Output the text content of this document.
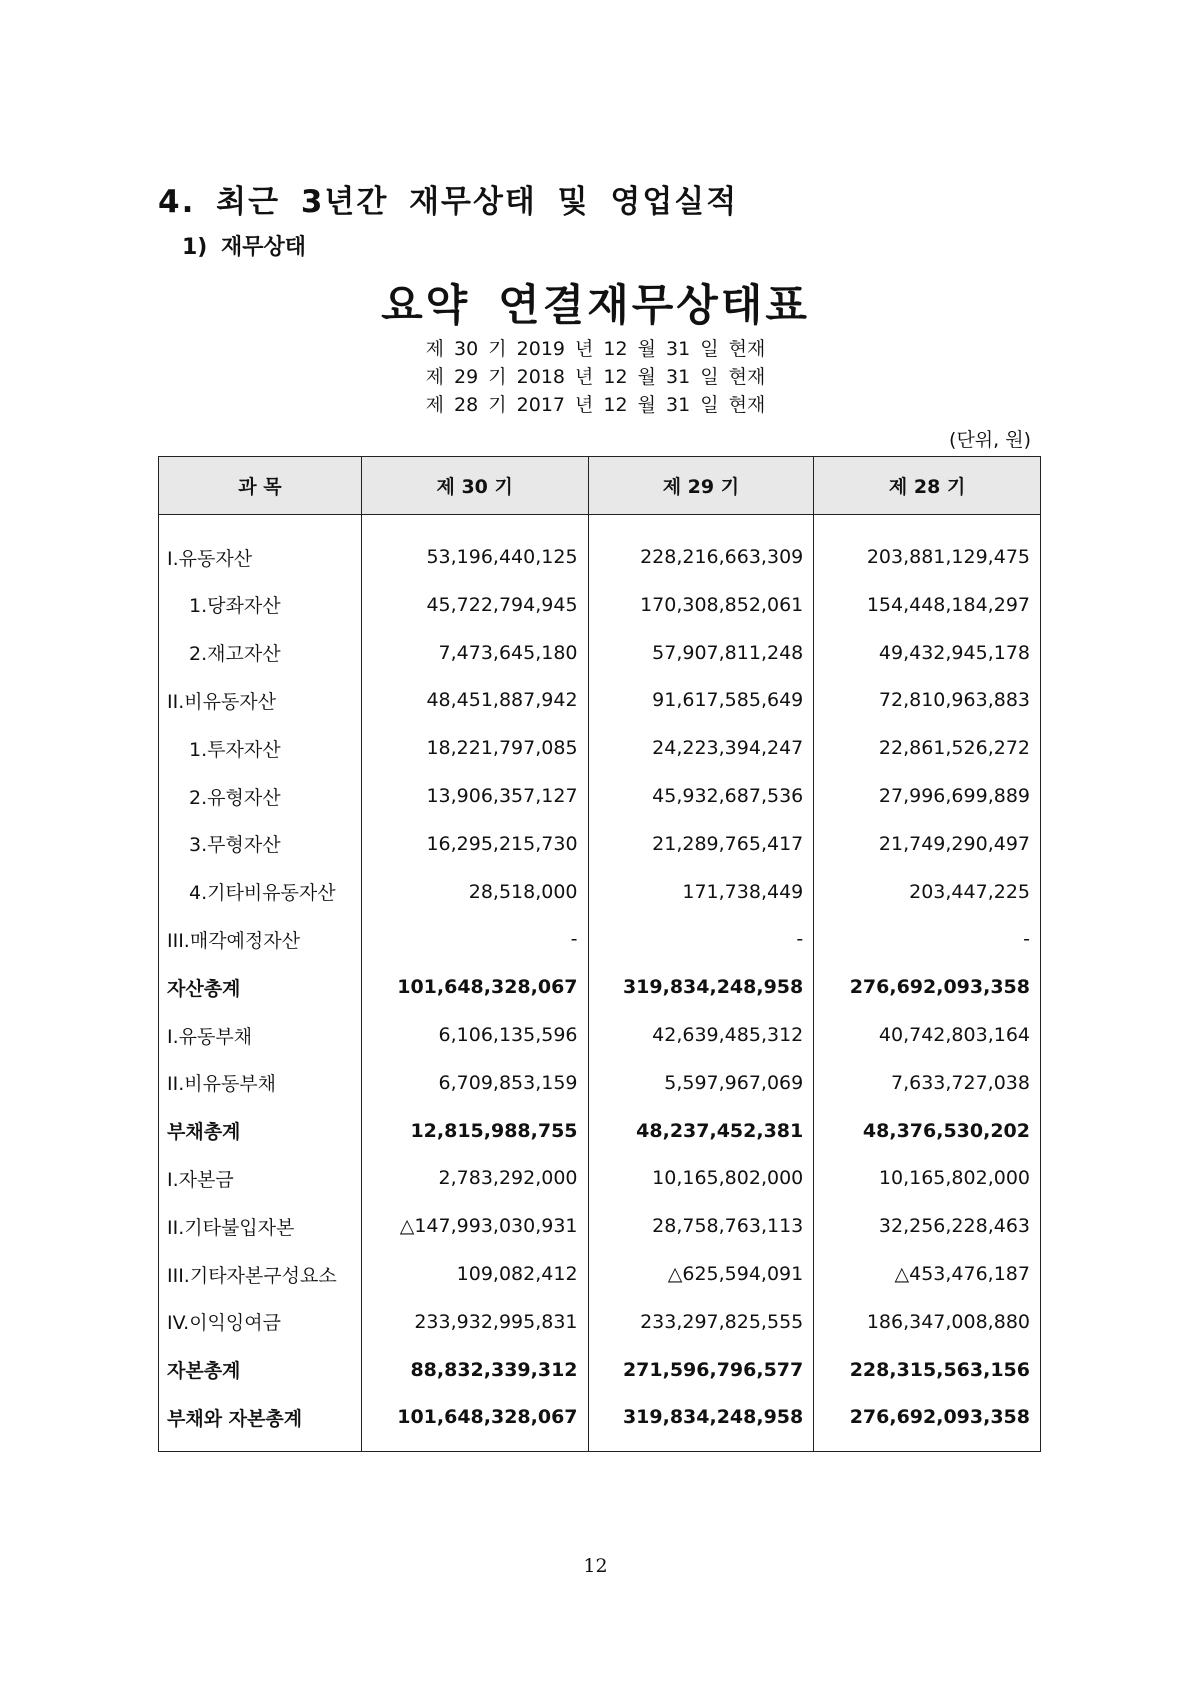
4. 최근 3년간 재무상태 및 영업실적
1) 재무상태
요약 연결재무상태표
제 30 기 2019 년 12 월 31 일 현재
제 29 기 2018 년 12 월 31 일 현재
제 28 기 2017 년 12 월 31 일 현재
(단위, 원)
과 목	제 30 기	제 29 기	제 28 기
I.유동자산	53,196,440,125	228,216,663,309	203,881,129,475
1.당좌자산	45,722,794,945	170,308,852,061	154,448,184,297
2.재고자산	7,473,645,180	57,907,811,248	49,432,945,178
II.비유동자산	48,451,887,942	91,617,585,649	72,810,963,883
1.투자자산	18,221,797,085	24,223,394,247	22,861,526,272
2.유형자산	13,906,357,127	45,932,687,536	27,996,699,889
3.무형자산	16,295,215,730	21,289,765,417	21,749,290,497
4.기타비유동자산	28,518,000	171,738,449	203,447,225
III.매각예정자산	-	-	-
자산총계	101,648,328,067	319,834,248,958	276,692,093,358
I.유동부채	6,106,135,596	42,639,485,312	40,742,803,164
II.비유동부채	6,709,853,159	5,597,967,069	7,633,727,038
부채총계	12,815,988,755	48,237,452,381	48,376,530,202
I.자본금	2,783,292,000	10,165,802,000	10,165,802,000
II.기타불입자본	△147,993,030,931	28,758,763,113	32,256,228,463
III.기타자본구성요소	109,082,412	△625,594,091	△453,476,187
IV.이익잉여금	233,932,995,831	233,297,825,555	186,347,008,880
자본총계	88,832,339,312	271,596,796,577	228,315,563,156
부채와 자본총계	101,648,328,067	319,834,248,958	276,692,093,358
12
